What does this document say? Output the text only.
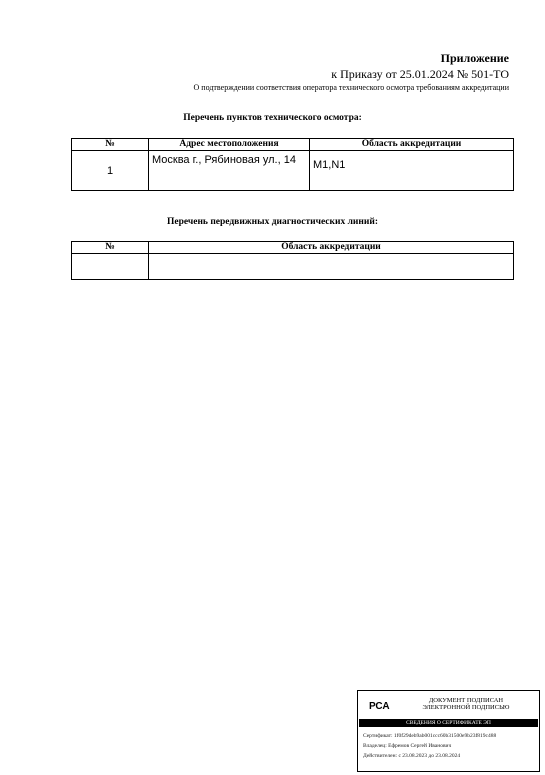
Приложение
к Приказу от 25.01.2024 № 501-ТО
О подтверждении соответствия оператора технического осмотра требованиям аккредитации
Перечень пунктов технического осмотра:
№	Адрес местоположения	Область аккредитации
1	Москва г., Рябиновая ул., 14	M1,N1
Перечень передвижных диагностических линий:
№	Область аккредитации

РСА
ДОКУМЕНТ ПОДПИСАН
ЭЛЕКТРОННОЙ ПОДПИСЬЮ
СВЕДЕНИЯ О СЕРТИФИКАТЕ ЭП
Сертификат: 1f0f29deb9ab001ccc60b31500e9b23f819c488
Владелец: Ефремов Сергей Иванович
Действителен: с 23.08.2023 до 23.08.2024
